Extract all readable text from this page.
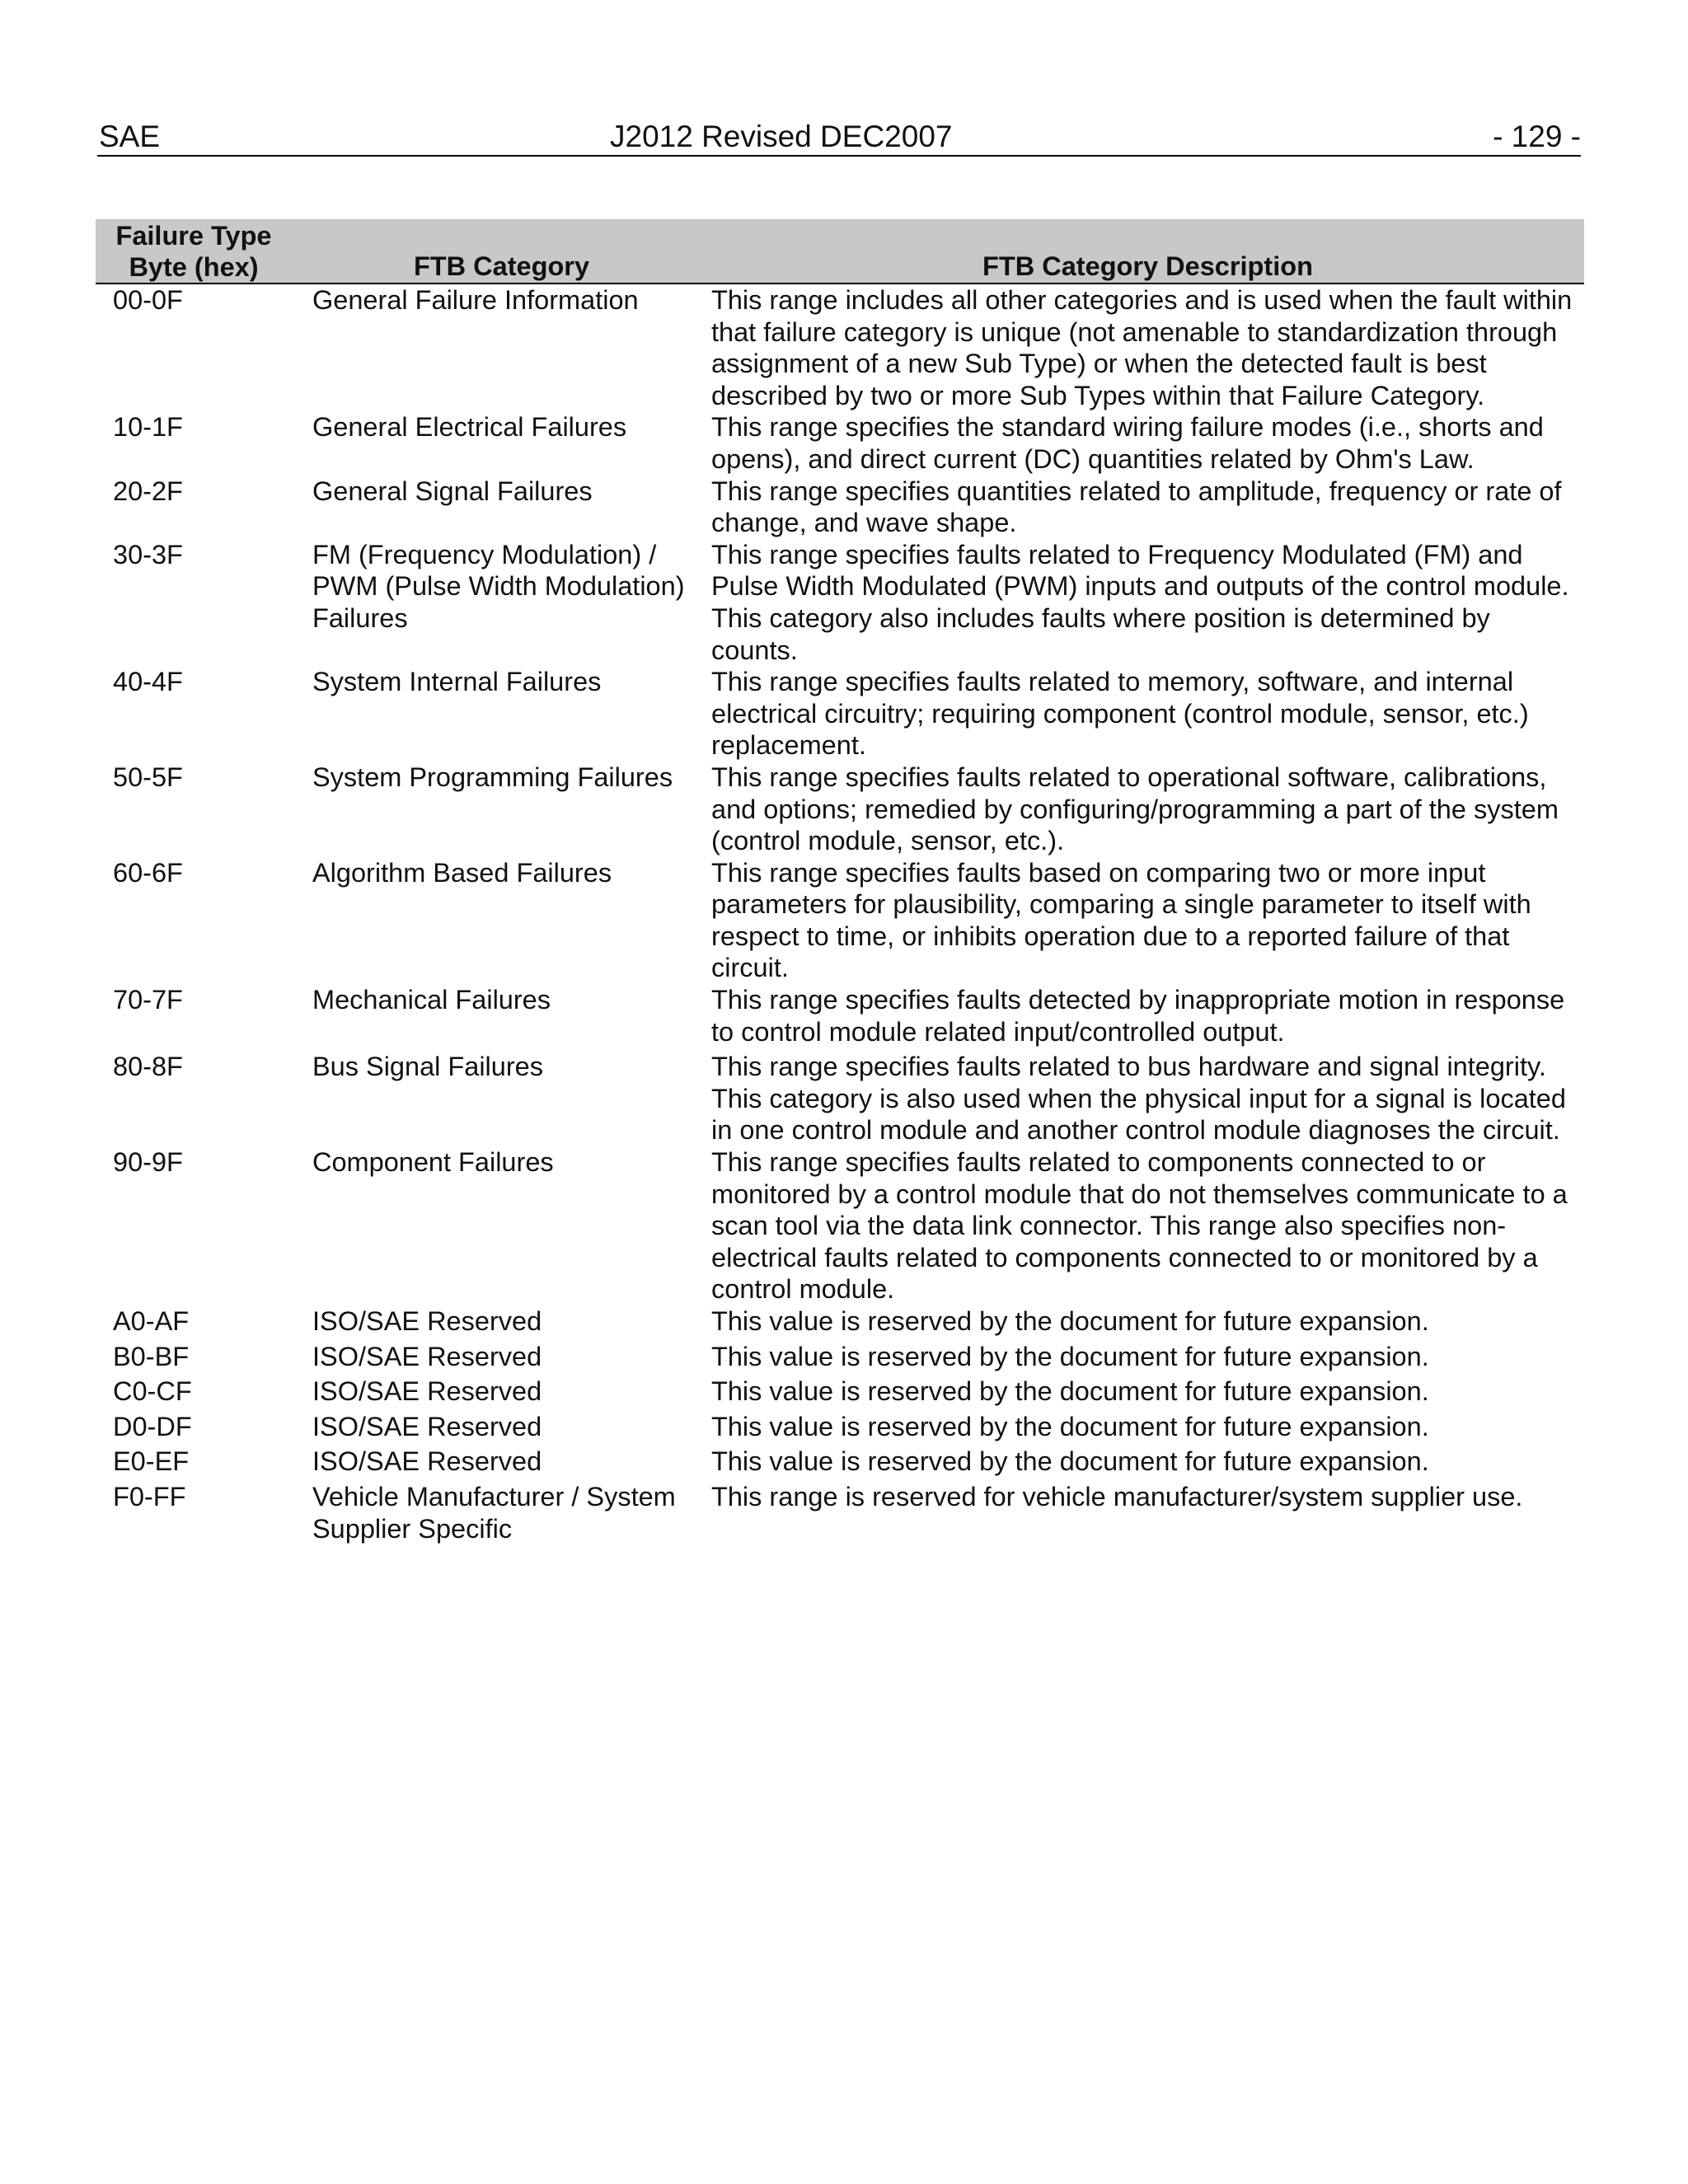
SAE	J2012 Revised DEC2007	- 129 -
Failure Type
Byte (hex)	FTB Category	FTB Category Description
00-0F	General Failure Information	This range includes all other categories and is used when the fault within that failure category is unique (not amenable to standardization through assignment of a new Sub Type) or when the detected fault is best described by two or more Sub Types within that Failure Category.
10-1F	General Electrical Failures	This range specifies the standard wiring failure modes (i.e., shorts and opens), and direct current (DC) quantities related by Ohm's Law.
20-2F	General Signal Failures	This range specifies quantities related to amplitude, frequency or rate of change, and wave shape.
30-3F	FM (Frequency Modulation) / PWM (Pulse Width Modulation) Failures	This range specifies faults related to Frequency Modulated (FM) and Pulse Width Modulated (PWM) inputs and outputs of the control module. This category also includes faults where position is determined by counts.
40-4F	System Internal Failures	This range specifies faults related to memory, software, and internal electrical circuitry; requiring component (control module, sensor, etc.) replacement.
50-5F	System Programming Failures	This range specifies faults related to operational software, calibrations, and options; remedied by configuring/programming a part of the system (control module, sensor, etc.).
60-6F	Algorithm Based Failures	This range specifies faults based on comparing two or more input parameters for plausibility, comparing a single parameter to itself with respect to time, or inhibits operation due to a reported failure of that circuit.
70-7F	Mechanical Failures	This range specifies faults detected by inappropriate motion in response to control module related input/controlled output.
80-8F	Bus Signal Failures	This range specifies faults related to bus hardware and signal integrity. This category is also used when the physical input for a signal is located in one control module and another control module diagnoses the circuit.
90-9F	Component Failures	This range specifies faults related to components connected to or monitored by a control module that do not themselves communicate to a scan tool via the data link connector. This range also specifies non-electrical faults related to components connected to or monitored by a control module.
A0-AF	ISO/SAE Reserved	This value is reserved by the document for future expansion.
B0-BF	ISO/SAE Reserved	This value is reserved by the document for future expansion.
C0-CF	ISO/SAE Reserved	This value is reserved by the document for future expansion.
D0-DF	ISO/SAE Reserved	This value is reserved by the document for future expansion.
E0-EF	ISO/SAE Reserved	This value is reserved by the document for future expansion.
F0-FF	Vehicle Manufacturer / System Supplier Specific	This range is reserved for vehicle manufacturer/system supplier use.
